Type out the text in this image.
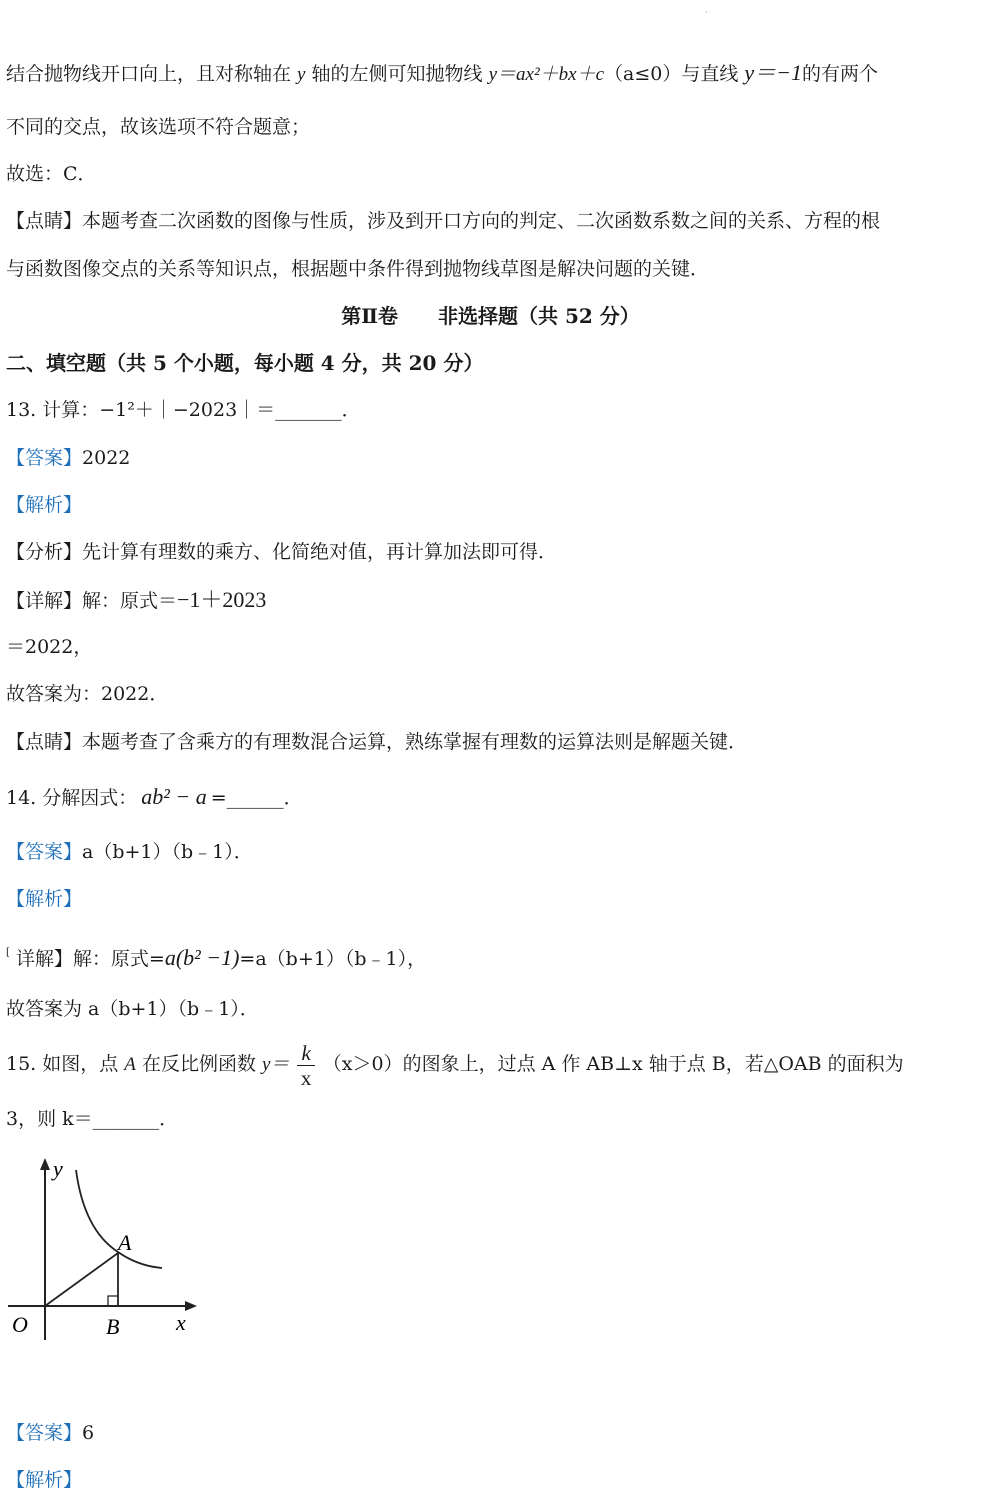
·
结合抛物线开口向上，且对称轴在 y 轴的左侧可知抛物线 y＝ax²＋bx＋c（a≤0）与直线 y＝−1的有两个
不同的交点，故该选项不符合题意；
故选：C．
【点睛】本题考查二次函数的图像与性质，涉及到开口方向的判定、二次函数系数之间的关系、方程的根
与函数图像交点的关系等知识点，根据题中条件得到抛物线草图是解决问题的关键．
第Ⅱ卷　　非选择题（共 52 分）
二、填空题（共 5 个小题，每小题 4 分，共 20 分）
13. 计算：−1²＋｜−2023｜＝_______．
【答案】2022
【解析】
【分析】先计算有理数的乘方、化简绝对值，再计算加法即可得．
【详解】解：原式＝−1＋2023
＝2022，
故答案为：2022．
【点睛】本题考查了含乘方的有理数混合运算，熟练掌握有理数的运算法则是解题关键．
14. 分解因式： ab² − a =______．
【答案】a（b+1）（b﹣1）．
【解析】
[ 详解】解：原式=a(b² −1)=a（b+1）（b﹣1），
故答案为 a（b+1）（b﹣1）．
15. 如图，点 A 在反比例函数 $y= \frac{k}{x} (x>0)$的图象上，过点 A 作 AB⊥x 轴于点 B，若△OAB 的面积为
3，则 k＝_______．
y
x
O
A
B
【答案】6
【解析】
